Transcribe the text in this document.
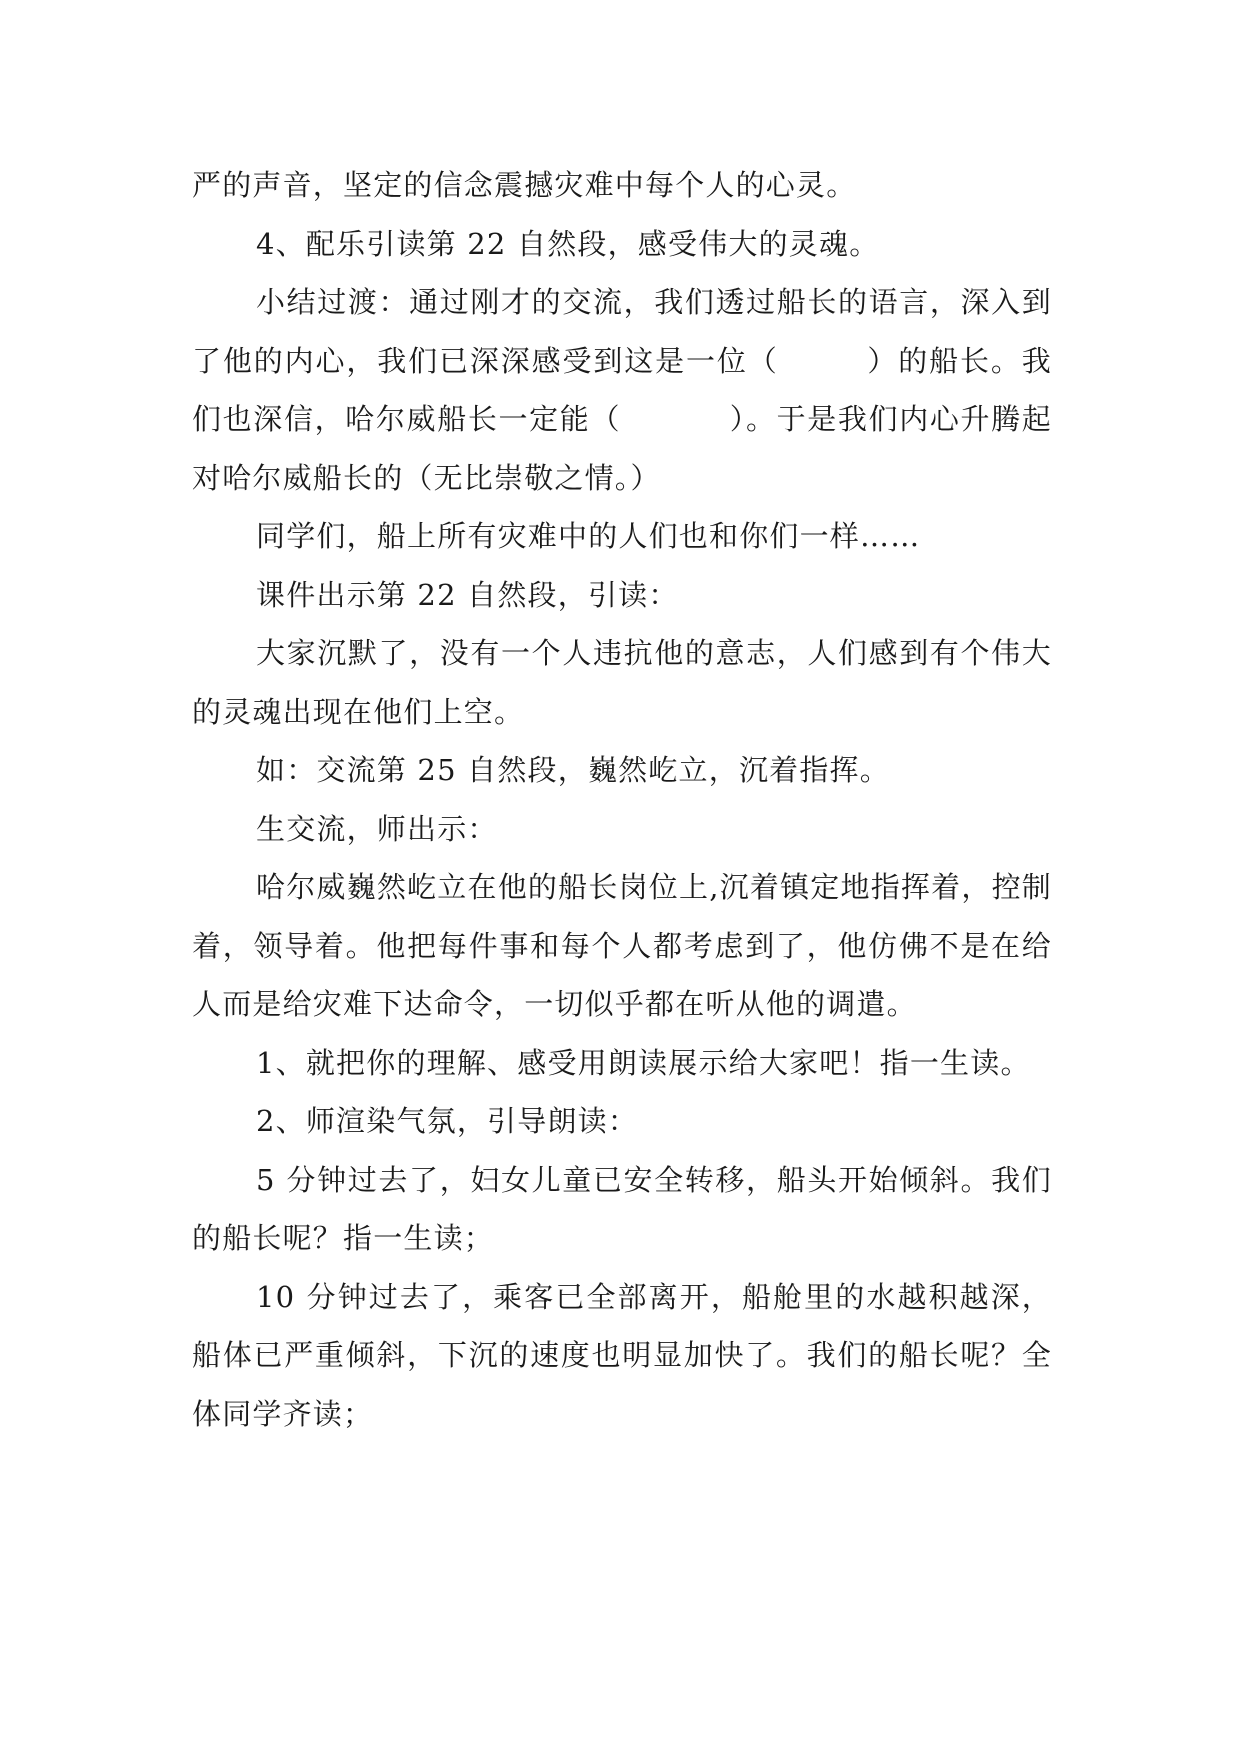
严的声音，坚定的信念震撼灾难中每个人的心灵。

4、配乐引读第 22 自然段，感受伟大的灵魂。

小结过渡：通过刚才的交流，我们透过船长的语言，深入到了他的内心，我们已深深感受到这是一位（        ）的船长。我们也深信，哈尔威船长一定能（          ）。于是我们内心升腾起对哈尔威船长的（无比崇敬之情。）

同学们，船上所有灾难中的人们也和你们一样……

课件出示第 22 自然段，引读：

大家沉默了，没有一个人违抗他的意志，人们感到有个伟大的灵魂出现在他们上空。

如：交流第 25 自然段，巍然屹立，沉着指挥。

生交流，师出示：

哈尔威巍然屹立在他的船长岗位上,沉着镇定地指挥着，控制着，领导着。他把每件事和每个人都考虑到了，他仿佛不是在给人而是给灾难下达命令，一切似乎都在听从他的调遣。

1、就把你的理解、感受用朗读展示给大家吧！指一生读。

2、师渲染气氛，引导朗读：

5 分钟过去了，妇女儿童已安全转移，船头开始倾斜。我们的船长呢？指一生读；

10 分钟过去了，乘客已全部离开，船舱里的水越积越深，船体已严重倾斜，下沉的速度也明显加快了。我们的船长呢？全体同学齐读；
